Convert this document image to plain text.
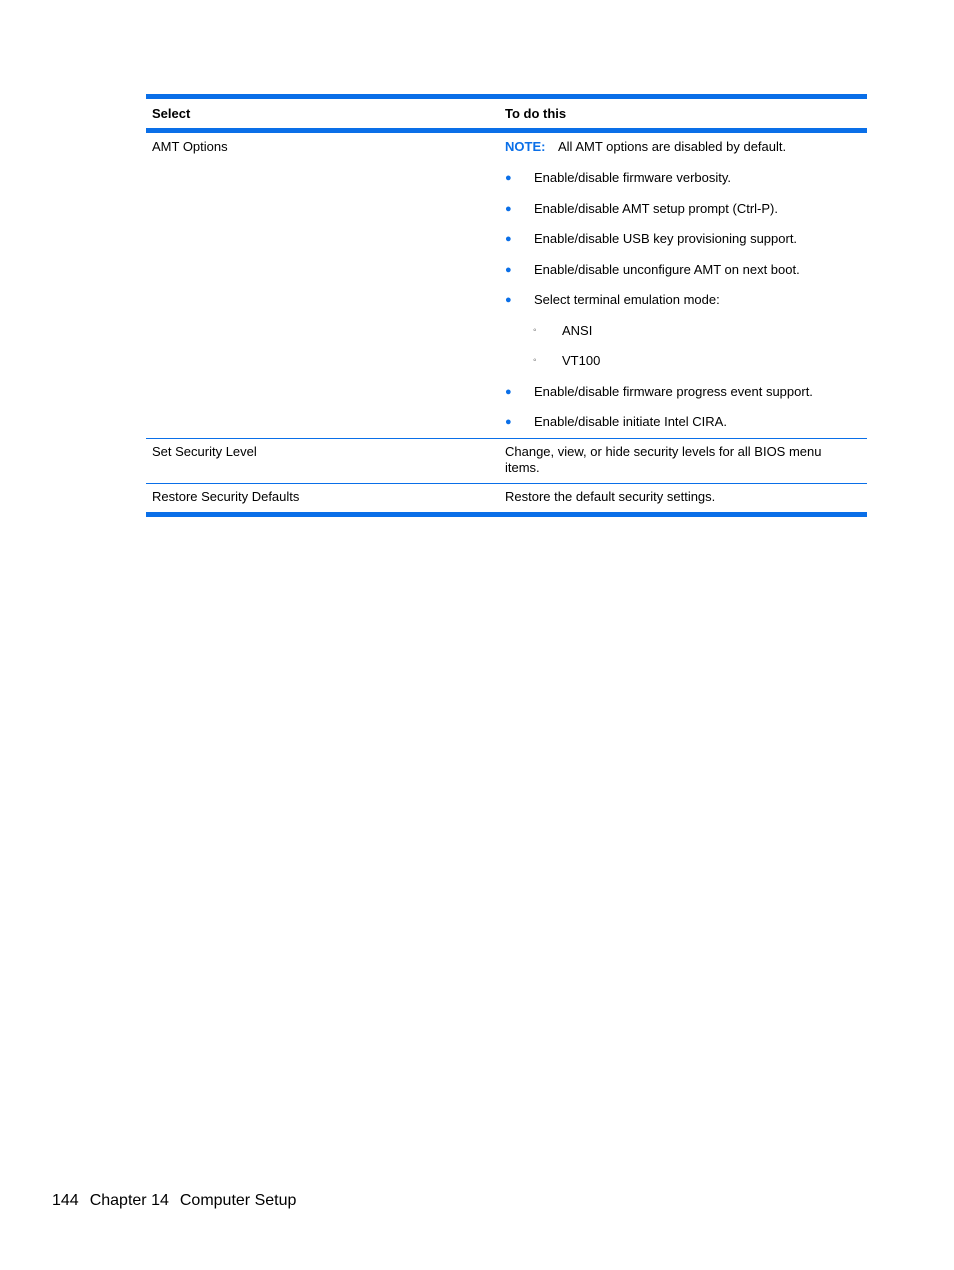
Select	To do this
AMT Options	NOTE: All AMT options are disabled by default.
●	Enable/disable firmware verbosity.
●	Enable/disable AMT setup prompt (Ctrl-P).
●	Enable/disable USB key provisioning support.
●	Enable/disable unconfigure AMT on next boot.
●	Select terminal emulation mode:
◦	ANSI
◦	VT100
●	Enable/disable firmware progress event support.
●	Enable/disable initiate Intel CIRA.
Set Security Level	Change, view, or hide security levels for all BIOS menu items.
Restore Security Defaults	Restore the default security settings.
144 Chapter 14 Computer Setup
